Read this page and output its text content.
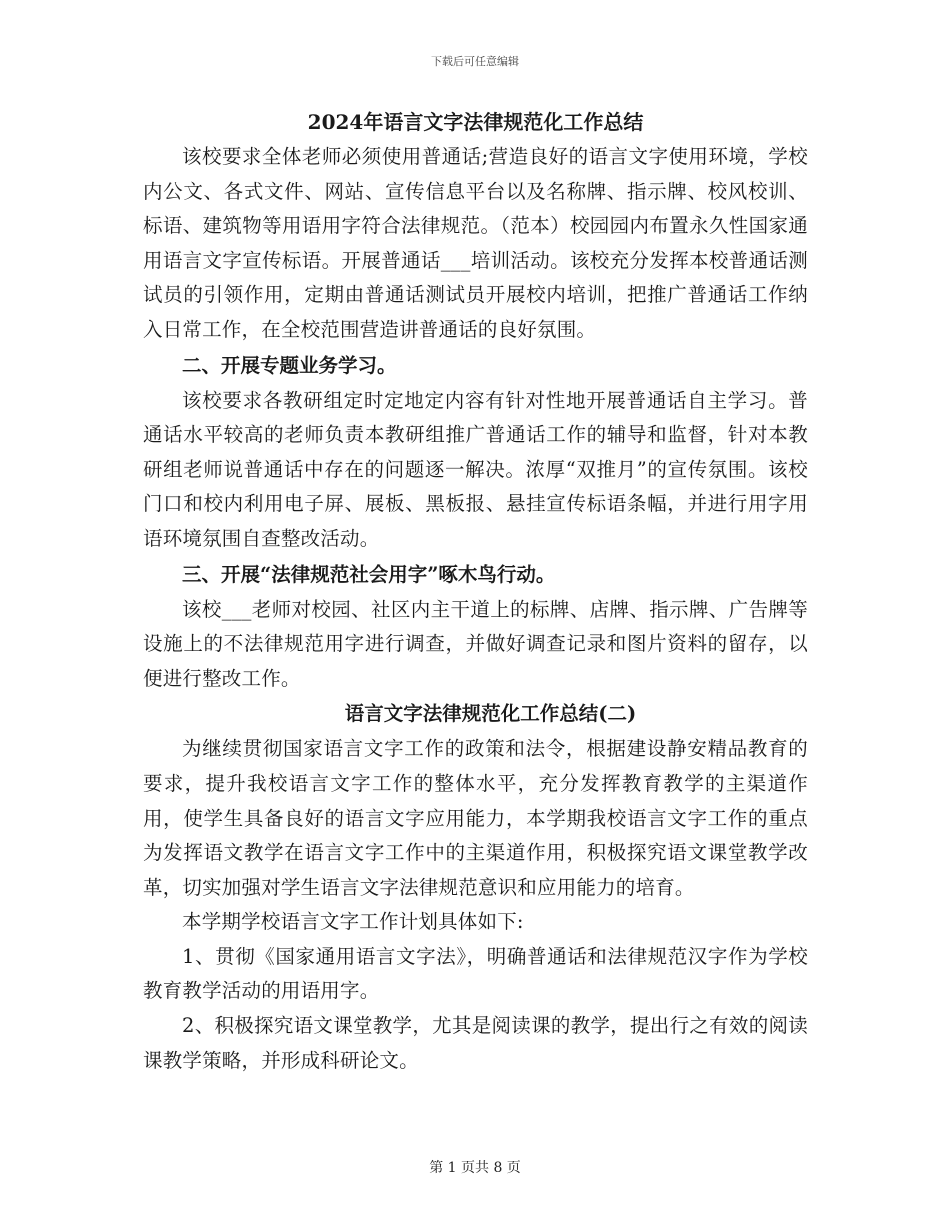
下载后可任意编辑

2024年语言文字法律规范化工作总结

该校要求全体老师必须使用普通话;营造良好的语言文字使用环境，学校内公文、各式文件、网站、宣传信息平台以及名称牌、指示牌、校风校训、标语、建筑物等用语用字符合法律规范。（范本）校园园内布置永久性国家通用语言文字宣传标语。开展普通话___培训活动。该校充分发挥本校普通话测试员的引领作用，定期由普通话测试员开展校内培训，把推广普通话工作纳入日常工作，在全校范围营造讲普通话的良好氛围。

二、开展专题业务学习。

该校要求各教研组定时定地定内容有针对性地开展普通话自主学习。普通话水平较高的老师负责本教研组推广普通话工作的辅导和监督，针对本教研组老师说普通话中存在的问题逐一解决。浓厚“双推月”的宣传氛围。该校门口和校内利用电子屏、展板、黑板报、悬挂宣传标语条幅，并进行用字用语环境氛围自查整改活动。

三、开展“法律规范社会用字”啄木鸟行动。

该校___老师对校园、社区内主干道上的标牌、店牌、指示牌、广告牌等设施上的不法律规范用字进行调查，并做好调查记录和图片资料的留存，以便进行整改工作。

语言文字法律规范化工作总结(二)

为继续贯彻国家语言文字工作的政策和法令，根据建设静安精品教育的要求，提升我校语言文字工作的整体水平，充分发挥教育教学的主渠道作用，使学生具备良好的语言文字应用能力，本学期我校语言文字工作的重点为发挥语文教学在语言文字工作中的主渠道作用，积极探究语文课堂教学改革，切实加强对学生语言文字法律规范意识和应用能力的培育。

本学期学校语言文字工作计划具体如下:

1、贯彻《国家通用语言文字法》，明确普通话和法律规范汉字作为学校教育教学活动的用语用字。

2、积极探究语文课堂教学，尤其是阅读课的教学，提出行之有效的阅读课教学策略，并形成科研论文。

第 1 页共 8 页
